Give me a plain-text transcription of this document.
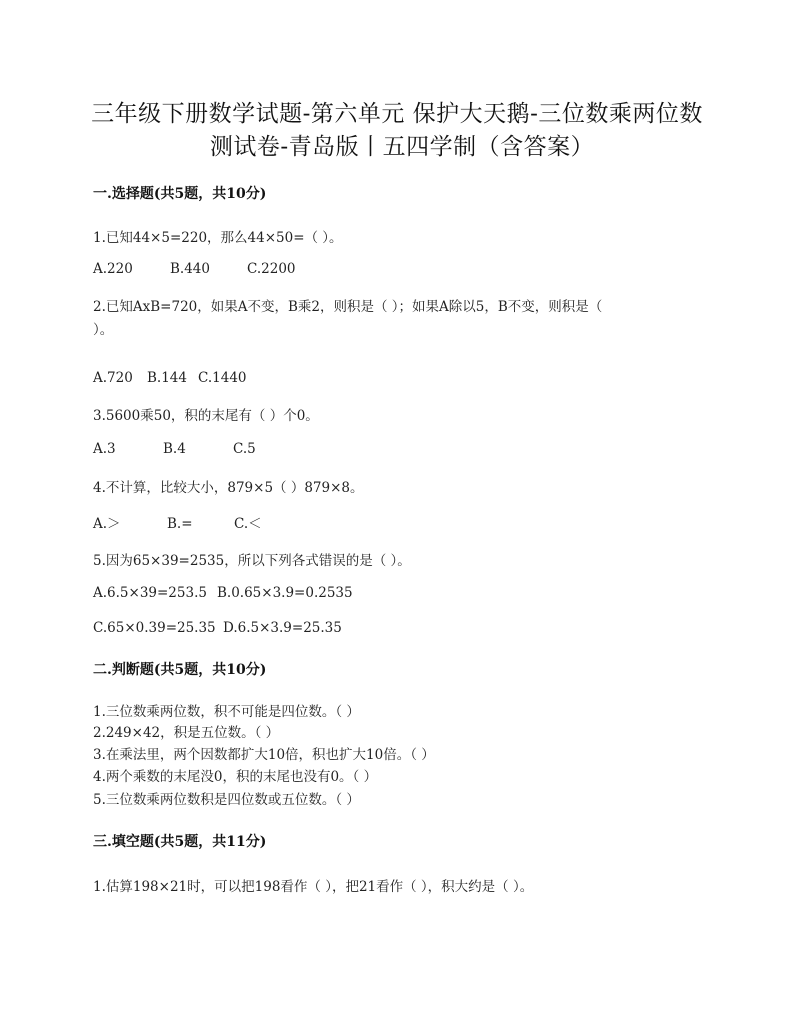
三年级下册数学试题-第六单元 保护大天鹅-三位数乘两位数
测试卷-青岛版丨五四学制（含答案）
一.选择题(共5题，共10分)
1.已知44×5=220，那么44×50=（ ）。
A.220	B.440	C.2200
2.已知AxB=720，如果A不变，B乘2，则积是（ ）；如果A除以5，B不变，则积是（
）。
A.720 B.144 C.1440
3.5600乘50，积的末尾有（ ）个0。
A.3	B.4	C.5
4.不计算，比较大小，879×5（ ）879×8。
A.＞	B.=	C.＜
5.因为65×39=2535，所以下列各式错误的是（ ）。
A.6.5×39=253.5 B.0.65×3.9=0.2535
C.65×0.39=25.35 D.6.5×3.9=25.35
二.判断题(共5题，共10分)
1.三位数乘两位数，积不可能是四位数。（ ）
2.249×42，积是五位数。（ ）
3.在乘法里，两个因数都扩大10倍，积也扩大10倍。（ ）
4.两个乘数的末尾没0，积的末尾也没有0。（ ）
5.三位数乘两位数积是四位数或五位数。（ ）
三.填空题(共5题，共11分)
1.估算198×21时，可以把198看作（ ），把21看作（ ），积大约是（ ）。
